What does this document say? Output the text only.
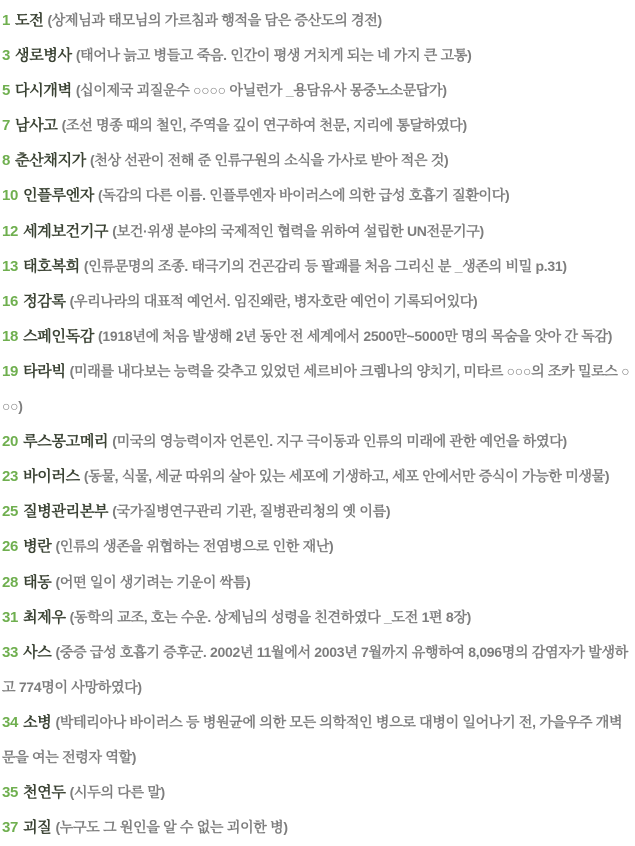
1 도전 (상제님과 태모님의 가르침과 행적을 담은 증산도의 경전)
3 생로병사 (태어나 늙고 병들고 죽음. 인간이 평생 거치게 되는 네 가지 큰 고통)
5 다시개벽 (십이제국 괴질운수 ○○○○ 아닐런가 _용담유사 몽중노소문답가)
7 남사고 (조선 명종 때의 철인, 주역을 깊이 연구하여 천문, 지리에 통달하였다)
8 춘산채지가 (천상 선관이 전해 준 인류구원의 소식을 가사로 받아 적은 것)
10 인플루엔자 (독감의 다른 이름. 인플루엔자 바이러스에 의한 급성 호흡기 질환이다)
12 세계보건기구 (보건·위생 분야의 국제적인 협력을 위하여 설립한 UN전문기구)
13 태호복희 (인류문명의 조종. 태극기의 건곤감리 등 팔괘를 처음 그리신 분 _생존의 비밀 p.31)
16 정감록 (우리나라의 대표적 예언서. 임진왜란, 병자호란 예언이 기록되어있다)
18 스페인독감 (1918년에 처음 발생해 2년 동안 전 세계에서 2500만~5000만 명의 목숨을 앗아 간 독감)
19 타라빅 (미래를 내다보는 능력을 갖추고 있었던 세르비아 크렘나의 양치기, 미타르 ○○○의 조카 밀로스 ○○○)
20 루스몽고메리 (미국의 영능력이자 언론인. 지구 극이동과 인류의 미래에 관한 예언을 하였다)
23 바이러스 (동물, 식물, 세균 따위의 살아 있는 세포에 기생하고, 세포 안에서만 증식이 가능한 미생물)
25 질병관리본부 (국가질병연구관리 기관, 질병관리청의 옛 이름)
26 병란 (인류의 생존을 위협하는 전염병으로 인한 재난)
28 태동 (어떤 일이 생기려는 기운이 싹틈)
31 최제우 (동학의 교조, 호는 수운. 상제님의 성령을 친견하였다 _도전 1편 8장)
33 사스 (중증 급성 호흡기 증후군. 2002년 11월에서 2003년 7월까지 유행하여 8,096명의 감염자가 발생하고 774명이 사망하였다)
34 소병 (박테리아나 바이러스 등 병원균에 의한 모든 의학적인 병으로 대병이 일어나기 전, 가을우주 개벽문을 여는 전령자 역할)
35 천연두 (시두의 다른 말)
37 괴질 (누구도 그 원인을 알 수 없는 괴이한 병)
